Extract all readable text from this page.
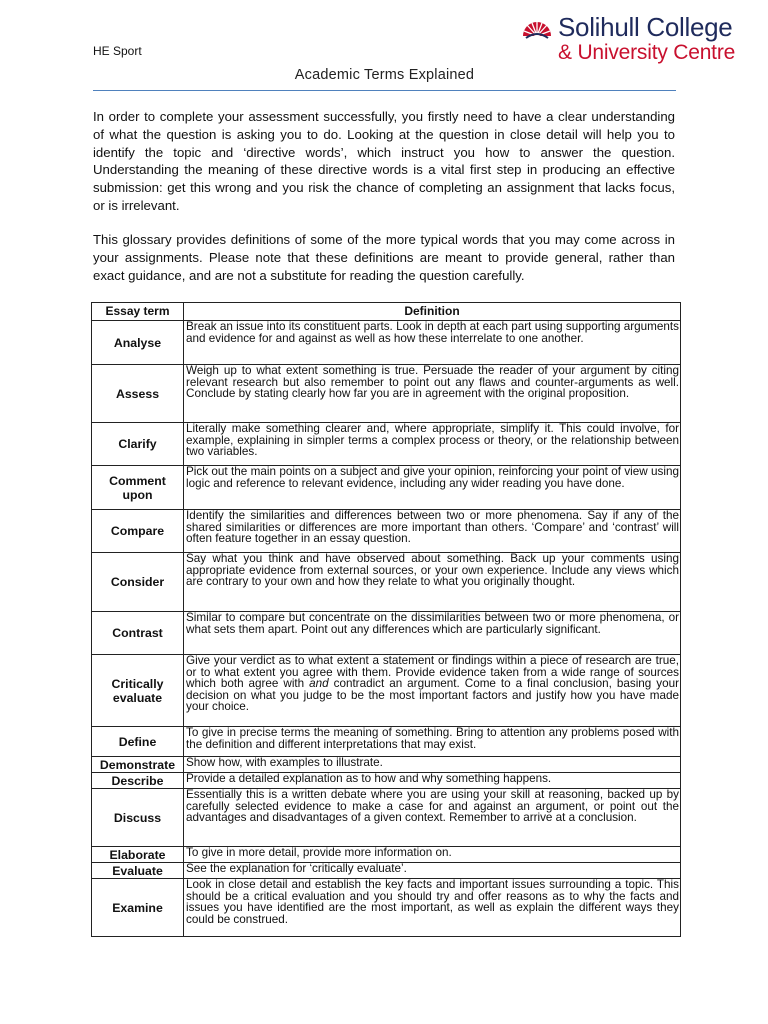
HE Sport
Solihull College
& University Centre
Academic Terms Explained

In order to complete your assessment successfully, you firstly need to have a clear understanding of what the question is asking you to do. Looking at the question in close detail will help you to identify the topic and ‘directive words’, which instruct you how to answer the question. Understanding the meaning of these directive words is a vital first step in producing an effective submission: get this wrong and you risk the chance of completing an assignment that lacks focus, or is irrelevant.

This glossary provides definitions of some of the more typical words that you may come across in your assignments. Please note that these definitions are meant to provide general, rather than exact guidance, and are not a substitute for reading the question carefully.

Essay term	Definition
Analyse	Break an issue into its constituent parts. Look in depth at each part using supporting arguments and evidence for and against as well as how these interrelate to one another.
Assess	Weigh up to what extent something is true. Persuade the reader of your argument by citing relevant research but also remember to point out any flaws and counter-arguments as well. Conclude by stating clearly how far you are in agreement with the original proposition.
Clarify	Literally make something clearer and, where appropriate, simplify it. This could involve, for example, explaining in simpler terms a complex process or theory, or the relationship between two variables.
Comment upon	Pick out the main points on a subject and give your opinion, reinforcing your point of view using logic and reference to relevant evidence, including any wider reading you have done.
Compare	Identify the similarities and differences between two or more phenomena. Say if any of the shared similarities or differences are more important than others. ‘Compare’ and ‘contrast’ will often feature together in an essay question.
Consider	Say what you think and have observed about something. Back up your comments using appropriate evidence from external sources, or your own experience. Include any views which are contrary to your own and how they relate to what you originally thought.
Contrast	Similar to compare but concentrate on the dissimilarities between two or more phenomena, or what sets them apart. Point out any differences which are particularly significant.
Critically evaluate	Give your verdict as to what extent a statement or findings within a piece of research are true, or to what extent you agree with them. Provide evidence taken from a wide range of sources which both agree with and contradict an argument. Come to a final conclusion, basing your decision on what you judge to be the most important factors and justify how you have made your choice.
Define	To give in precise terms the meaning of something. Bring to attention any problems posed with the definition and different interpretations that may exist.
Demonstrate	Show how, with examples to illustrate.
Describe	Provide a detailed explanation as to how and why something happens.
Discuss	Essentially this is a written debate where you are using your skill at reasoning, backed up by carefully selected evidence to make a case for and against an argument, or point out the advantages and disadvantages of a given context. Remember to arrive at a conclusion.
Elaborate	To give in more detail, provide more information on.
Evaluate	See the explanation for ‘critically evaluate’.
Examine	Look in close detail and establish the key facts and important issues surrounding a topic. This should be a critical evaluation and you should try and offer reasons as to why the facts and issues you have identified are the most important, as well as explain the different ways they could be construed.
